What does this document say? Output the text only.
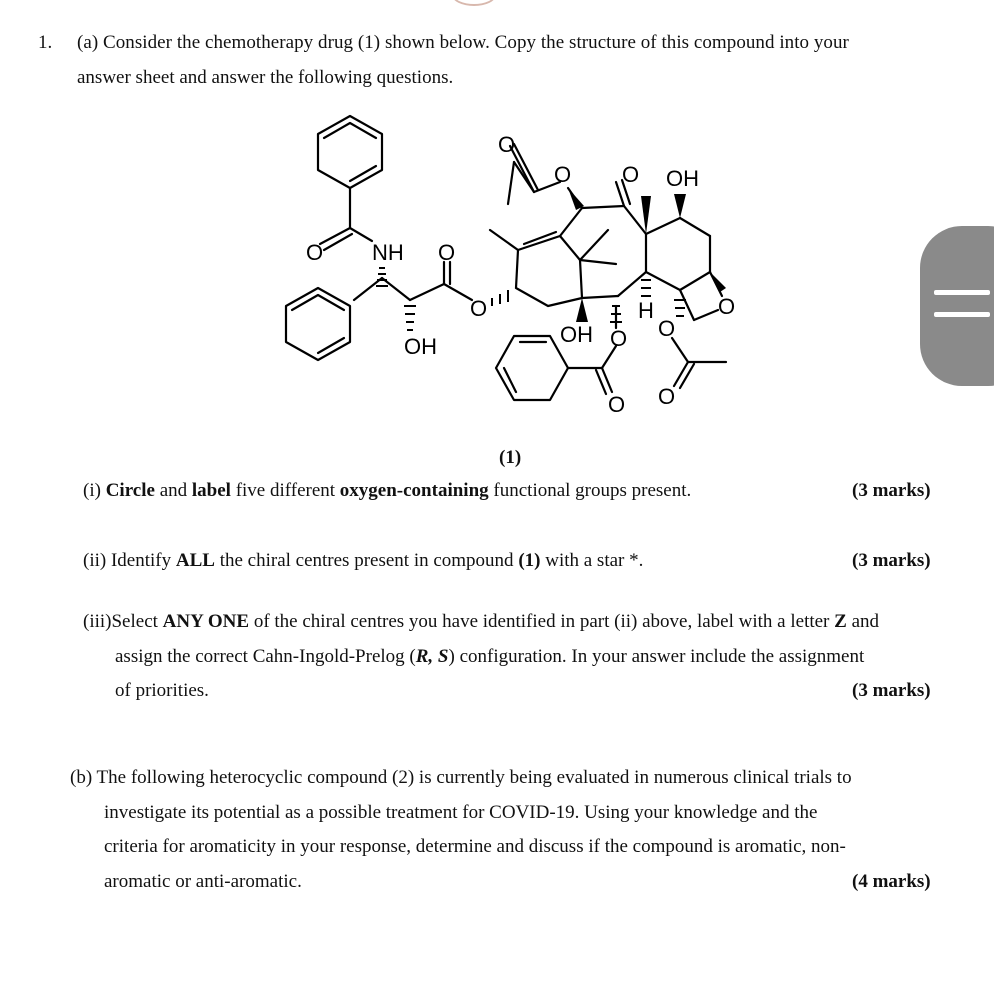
1. (a) Consider the chemotherapy drug (1) shown below. Copy the structure of this compound into your
answer sheet and answer the following questions.
O NH O
OH
O
O
O	OH
O
OH O
H
O
O
O O
(1)
(i) Circle and label five different oxygen-containing functional groups present.	(3 marks)
(ii) Identify ALL the chiral centres present in compound (1) with a star *.	(3 marks)
(iii)Select ANY ONE of the chiral centres you have identified in part (ii) above, label with a letter Z and
assign the correct Cahn-Ingold-Prelog (R, S) configuration. In your answer include the assignment
of priorities.	(3 marks)
(b) The following heterocyclic compound (2) is currently being evaluated in numerous clinical trials to
investigate its potential as a possible treatment for COVID-19. Using your knowledge and the
criteria for aromaticity in your response, determine and discuss if the compound is aromatic, non-
aromatic or anti-aromatic.	(4 marks)
